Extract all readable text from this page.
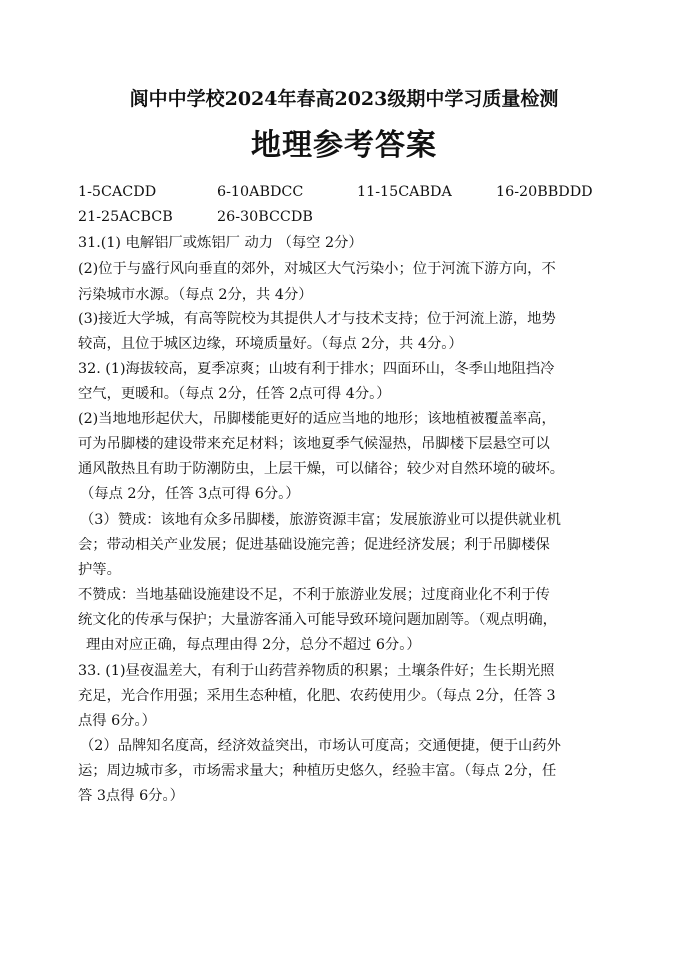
阆中中学校2024年春高2023级期中学习质量检测
地理参考答案
1-5CACDD	6-10ABDCC	11-15CABDA	16-20BBDDD
21-25ACBCB	26-30BCCDB
31.(1) 电解铝厂或炼铝厂 动力 （每空 2分）
(2)位于与盛行风向垂直的郊外，对城区大气污染小；位于河流下游方向，不
污染城市水源。（每点 2分，共 4分）
(3)接近大学城，有高等院校为其提供人才与技术支持；位于河流上游，地势
较高，且位于城区边缘，环境质量好。（每点 2分，共 4分。）
32. (1)海拔较高，夏季凉爽；山坡有利于排水；四面环山，冬季山地阻挡冷
空气，更暖和。（每点 2分，任答 2点可得 4分。）
(2)当地地形起伏大，吊脚楼能更好的适应当地的地形；该地植被覆盖率高，
可为吊脚楼的建设带来充足材料；该地夏季气候湿热，吊脚楼下层悬空可以
通风散热且有助于防潮防虫，上层干燥，可以储谷；较少对自然环境的破坏。
（每点 2分，任答 3点可得 6分。）
（3）赞成：该地有众多吊脚楼，旅游资源丰富；发展旅游业可以提供就业机
会；带动相关产业发展；促进基础设施完善；促进经济发展；利于吊脚楼保
护等。
不赞成：当地基础设施建设不足，不利于旅游业发展；过度商业化不利于传
统文化的传承与保护；大量游客涌入可能导致环境问题加剧等。（观点明确，
理由对应正确，每点理由得 2分，总分不超过 6分。）
33. (1)昼夜温差大，有利于山药营养物质的积累；土壤条件好；生长期光照
充足，光合作用强；采用生态种植，化肥、农药使用少。（每点 2分，任答 3
点得 6分。）
（2）品牌知名度高，经济效益突出，市场认可度高；交通便捷，便于山药外
运；周边城市多，市场需求量大；种植历史悠久，经验丰富。（每点 2分，任
答 3点得 6分。）
